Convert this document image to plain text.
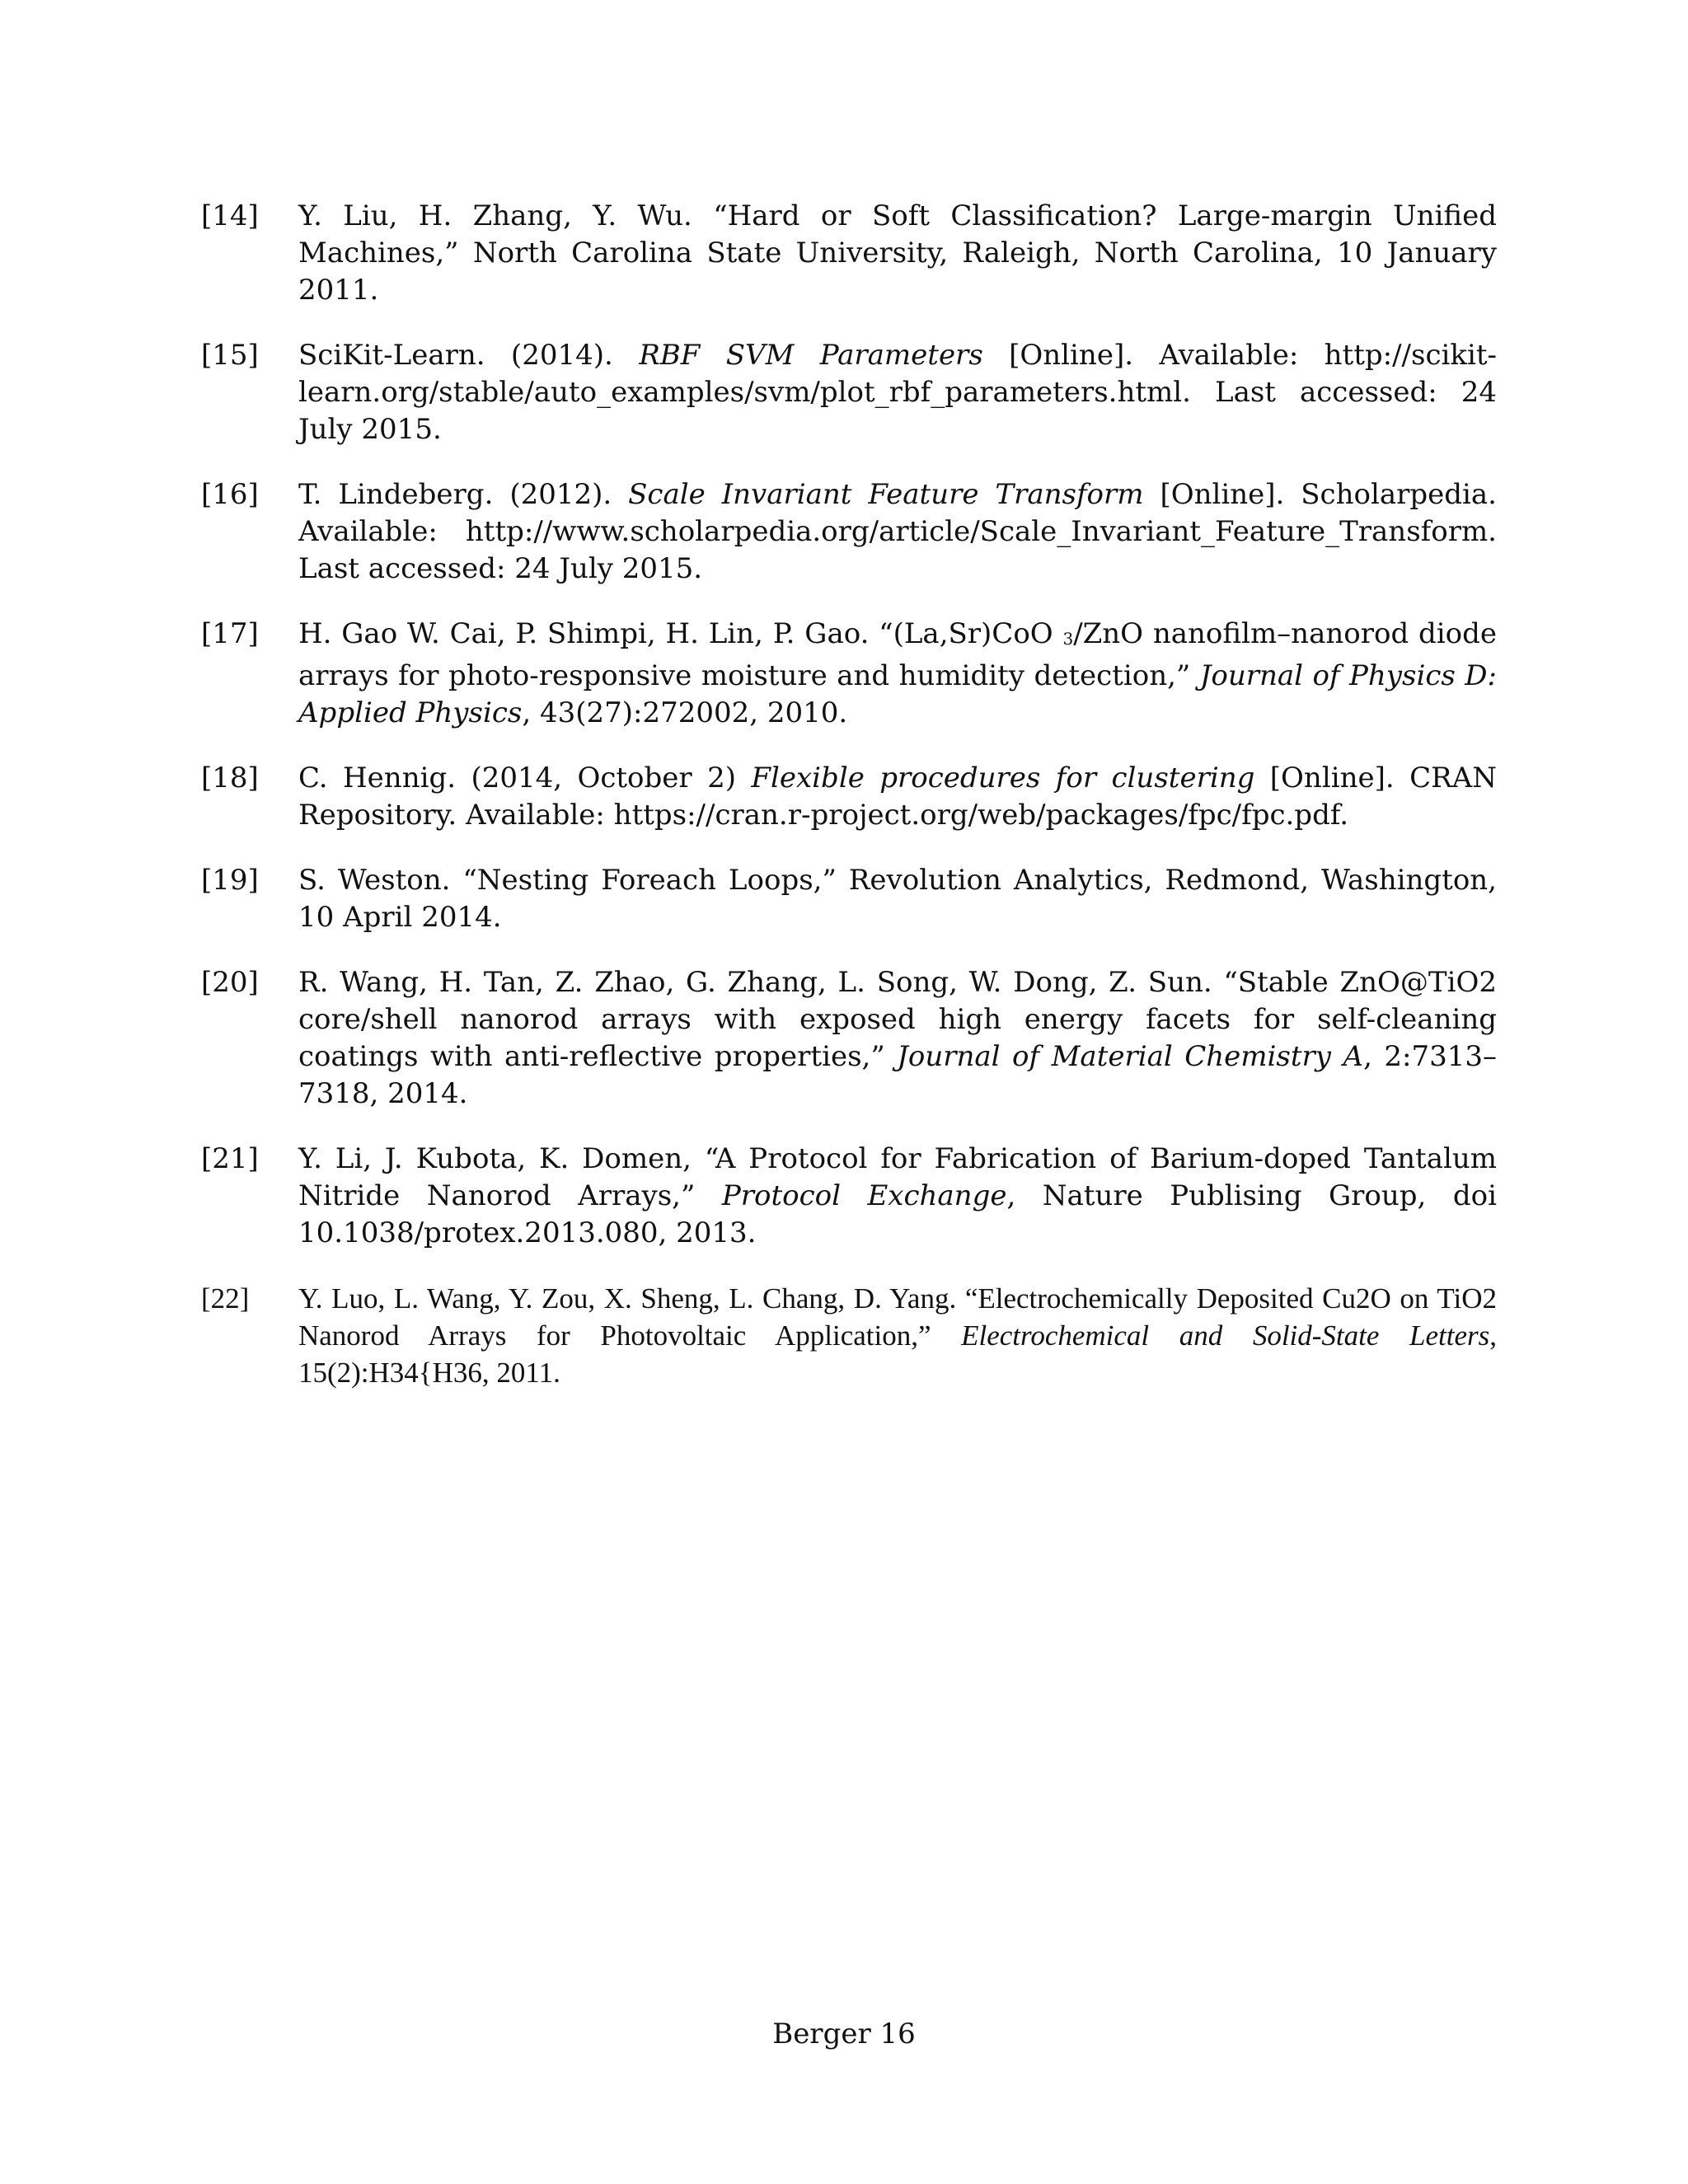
[14] Y. Liu, H. Zhang, Y. Wu. “Hard or Soft Classification? Large-margin Unified Machines,” North Carolina State University, Raleigh, North Carolina, 10 January 2011.
[15] SciKit-Learn. (2014). RBF SVM Parameters [Online]. Available: http://scikit-learn.org/stable/auto_examples/svm/plot_rbf_parameters.html. Last accessed: 24 July 2015.
[16] T. Lindeberg. (2012). Scale Invariant Feature Transform [Online]. Scholarpedia. Available: http://www.scholarpedia.org/article/Scale_Invariant_Feature_Transform. Last accessed: 24 July 2015.
[17] H. Gao W. Cai, P. Shimpi, H. Lin, P. Gao. “(La,Sr)CoO 3/ZnO nanofilm–nanorod diode arrays for photo-responsive moisture and humidity detection,” Journal of Physics D: Applied Physics, 43(27):272002, 2010.
[18] C. Hennig. (2014, October 2) Flexible procedures for clustering [Online]. CRAN Repository. Available: https://cran.r-project.org/web/packages/fpc/fpc.pdf.
[19] S. Weston. “Nesting Foreach Loops,” Revolution Analytics, Redmond, Washington, 10 April 2014.
[20] R. Wang, H. Tan, Z. Zhao, G. Zhang, L. Song, W. Dong, Z. Sun. “Stable ZnO@TiO2 core/shell nanorod arrays with exposed high energy facets for self-cleaning coatings with anti-reflective properties,” Journal of Material Chemistry A, 2:7313–7318, 2014.
[21] Y. Li, J. Kubota, K. Domen, “A Protocol for Fabrication of Barium-doped Tantalum Nitride Nanorod Arrays,” Protocol Exchange, Nature Publising Group, doi 10.1038/protex.2013.080, 2013.
[22] Y. Luo, L. Wang, Y. Zou, X. Sheng, L. Chang, D. Yang. “Electrochemically Deposited Cu2O on TiO2 Nanorod Arrays for Photovoltaic Application,” Electrochemical and Solid-State Letters, 15(2):H34{H36, 2011.
Berger 16
